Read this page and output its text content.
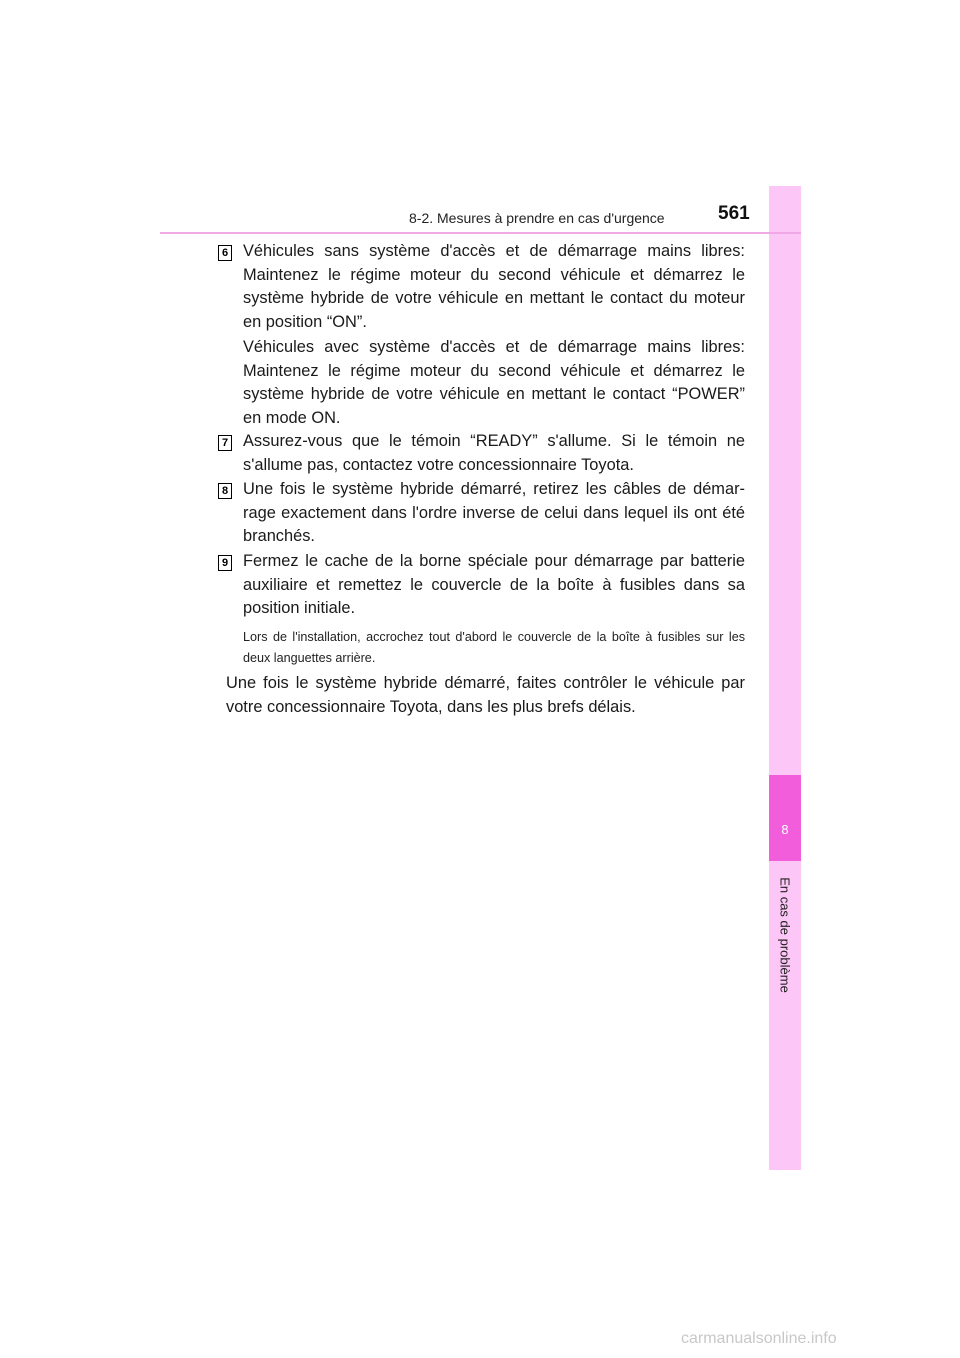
8
En cas de problème
8-2. Mesures à prendre en cas d'urgence	561
6 Véhicules sans système d'accès et de démarrage mains libres: Maintenez le régime moteur du second véhicule et démarrez le système hybride de votre véhicule en mettant le contact du moteur en position “ON”.
Véhicules avec système d'accès et de démarrage mains libres: Maintenez le régime moteur du second véhicule et démarrez le système hybride de votre véhicule en mettant le contact “POWER” en mode ON.
7 Assurez-vous que le témoin “READY” s'allume. Si le témoin ne s'allume pas, contactez votre concessionnaire Toyota.
8 Une fois le système hybride démarré, retirez les câbles de démar-rage exactement dans l'ordre inverse de celui dans lequel ils ont été branchés.
9 Fermez le cache de la borne spéciale pour démarrage par batterie auxiliaire et remettez le couvercle de la boîte à fusibles dans sa position initiale.
Lors de l'installation, accrochez tout d'abord le couvercle de la boîte à fusibles sur les deux languettes arrière.
Une fois le système hybride démarré, faites contrôler le véhicule par votre concessionnaire Toyota, dans les plus brefs délais.
carmanualsonline.info
